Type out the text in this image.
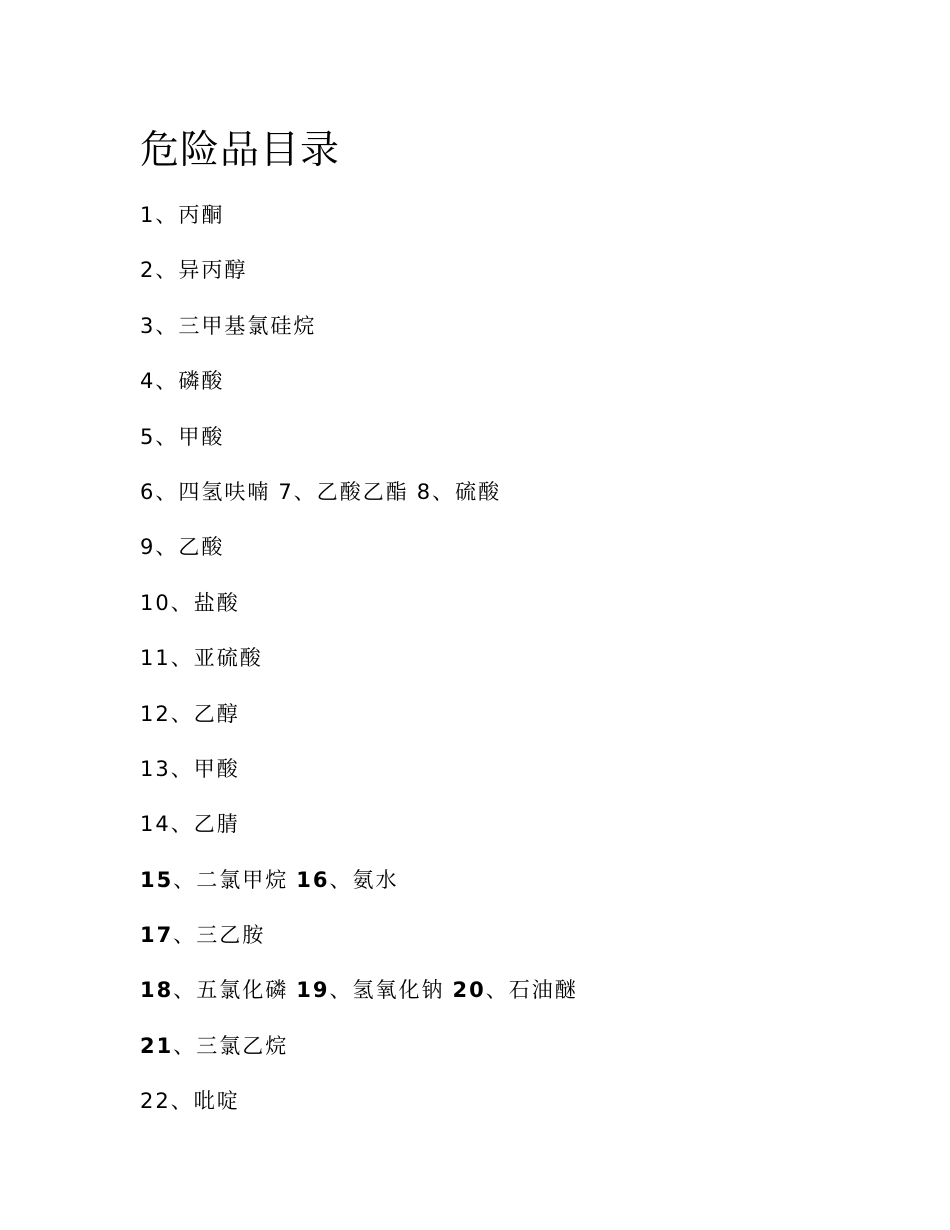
危险品目录
1、丙酮
2、异丙醇
3、三甲基氯硅烷
4、磷酸
5、甲酸
6、四氢呋喃 7、乙酸乙酯 8、硫酸
9、乙酸
10、盐酸
11、亚硫酸
12、乙醇
13、甲酸
14、乙腈
15、二氯甲烷 16、氨水
17、三乙胺
18、五氯化磷 19、氢氧化钠 20、石油醚
21、三氯乙烷
22、吡啶
